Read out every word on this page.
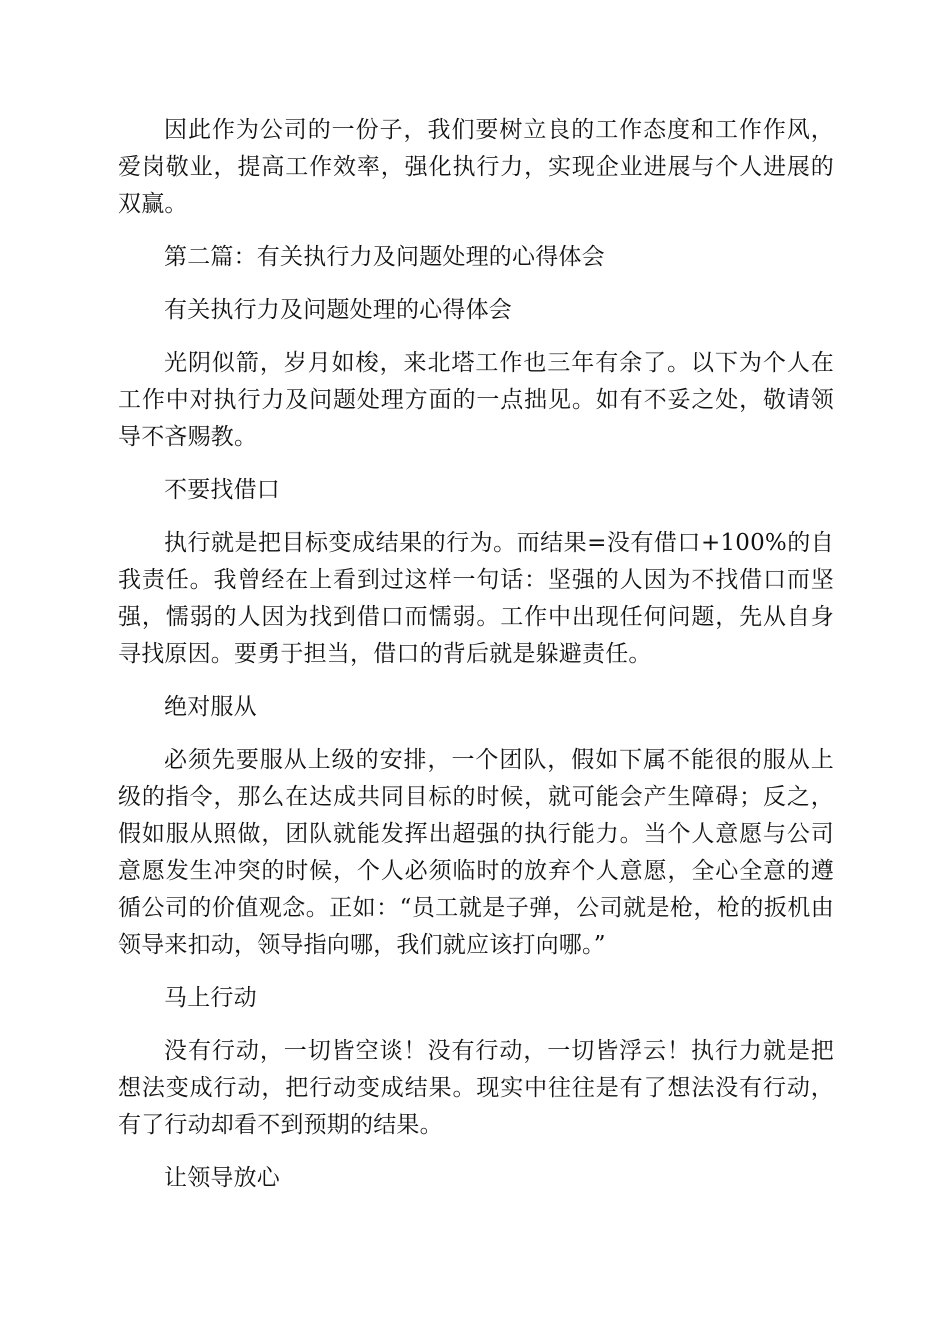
因此作为公司的一份子，我们要树立良的工作态度和工作作风，爱岗敬业，提高工作效率，强化执行力，实现企业进展与个人进展的双赢。

第二篇：有关执行力及问题处理的心得体会

有关执行力及问题处理的心得体会

光阴似箭，岁月如梭，来北塔工作也三年有余了。以下为个人在工作中对执行力及问题处理方面的一点拙见。如有不妥之处，敬请领导不吝赐教。

不要找借口

执行就是把目标变成结果的行为。而结果=没有借口+100%的自我责任。我曾经在上看到过这样一句话：坚强的人因为不找借口而坚强，懦弱的人因为找到借口而懦弱。工作中出现任何问题，先从自身寻找原因。要勇于担当，借口的背后就是躲避责任。

绝对服从

必须先要服从上级的安排，一个团队，假如下属不能很的服从上级的指令，那么在达成共同目标的时候，就可能会产生障碍；反之，假如服从照做，团队就能发挥出超强的执行能力。当个人意愿与公司意愿发生冲突的时候，个人必须临时的放弃个人意愿，全心全意的遵循公司的价值观念。正如：“员工就是子弹，公司就是枪，枪的扳机由领导来扣动，领导指向哪，我们就应该打向哪。”

马上行动

没有行动，一切皆空谈！没有行动，一切皆浮云！执行力就是把想法变成行动，把行动变成结果。现实中往往是有了想法没有行动，有了行动却看不到预期的结果。

让领导放心
